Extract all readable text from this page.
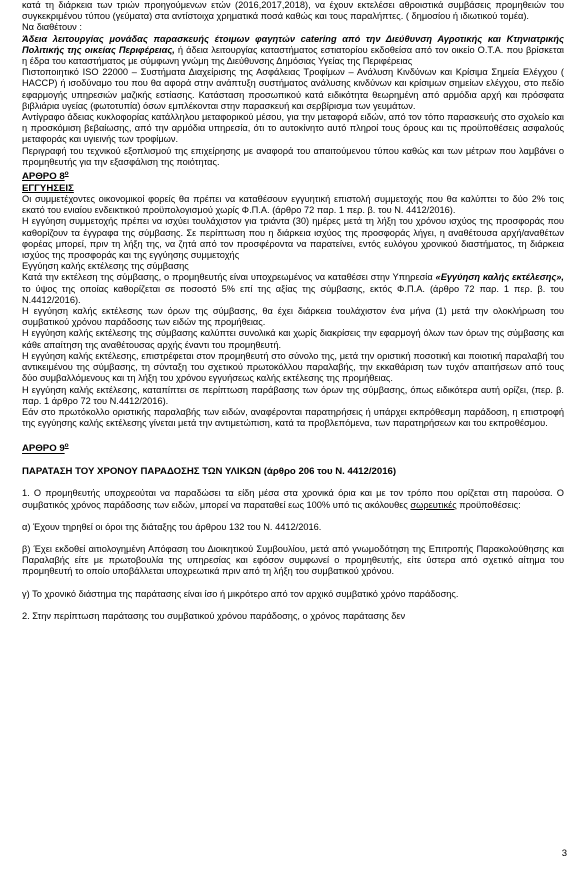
κατά τη διάρκεια των τριών προηγούμενων ετών (2016,2017,2018), να έχουν εκτελέσει αθροιστικά συμβάσεις προμηθειών του συγκεκριμένου τύπου (γεύματα) στα αντίστοιχα χρηματικά ποσά καθώς και τους παραλήπτες. ( δημοσίου ή ιδιωτικού τομέα).

Να διαθέτουν :

Άδεια λειτουργίας μονάδας παρασκευής έτοιμων φαγητών catering από την Διεύθυνση Αγροτικής και Κτηνιατρικής Πολιτικής της οικείας Περιφέρειας, ή άδεια λειτουργίας καταστήματος εστιατορίου εκδοθείσα από τον οικείο Ο.Τ.Α. που βρίσκεται η έδρα του καταστήματος με σύμφωνη γνώμη της Διεύθυνσης Δημόσιας Υγείας της Περιφέρειας

Πιστοποιητικό ISO 22000 – Συστήματα Διαχείρισης της Ασφάλειας Τροφίμων – Ανάλυση Κινδύνων και Κρίσιμα Σημεία Ελέγχου ( HACCP) ή ισοδύναμο του που θα αφορά στην ανάπτυξη συστήματος ανάλυσης κινδύνων και κρίσιμων σημείων ελέγχου, στο πεδίο εφαρμογής υπηρεσιών μαζικής εστίασης. Κατάσταση προσωπικού κατά ειδικότητα θεωρημένη από αρμόδια αρχή και πρόσφατα βιβλιάρια υγείας (φωτοτυπία) όσων εμπλέκονται στην παρασκευή και σερβίρισμα των γευμάτων.

Αντίγραφο άδειας κυκλοφορίας κατάλληλου μεταφορικού μέσου, για την μεταφορά ειδών, από τον τόπο παρασκευής στο σχολείο και η προσκόμιση βεβαίωσης, από την αρμόδια υπηρεσία, ότι το αυτοκίνητο αυτό πληροί τους όρους και τις προϋποθέσεις ασφαλούς μεταφοράς και υγιεινής των τροφίμων.

Περιγραφή του τεχνικού εξοπλισμού της επιχείρησης με αναφορά του απαιτούμενου τύπου καθώς και των μέτρων που λαμβάνει ο προμηθευτής για την εξασφάλιση της ποιότητας.

ΑΡΘΡΟ $8^o$

ΕΓΓΥΗΣΕΙΣ

Οι συμμετέχοντες οικονομικοί φορείς θα πρέπει να καταθέσουν εγγυητική επιστολή συμμετοχής που θα καλύπτει το δύο 2% τοις εκατό του ενιαίου ενδεικτικού προϋπολογισμού χωρίς Φ.Π.Α. (άρθρο 72 παρ. 1 περ. β. του Ν. 4412/2016).

Η εγγύηση συμμετοχής πρέπει να ισχύει τουλάχιστον για τριάντα (30) ημέρες μετά τη λήξη του χρόνου ισχύος της προσφοράς που καθορίζουν τα έγγραφα της σύμβασης. Σε περίπτωση που η διάρκεια ισχύος της προσφοράς λήγει, η αναθέτουσα αρχή/αναθέτων φορέας μπορεί, πριν τη λήξη της, να ζητά από τον προσφέροντα να παρατείνει, εντός ευλόγου χρονικού διαστήματος, τη διάρκεια ισχύος της προσφοράς και της εγγύησης συμμετοχής

Εγγύηση καλής εκτέλεσης της σύμβασης

Κατά την εκτέλεση της σύμβασης, ο προμηθευτής είναι υποχρεωμένος να καταθέσει στην Υπηρεσία «Εγγύηση καλής εκτέλεσης», το ύψος της οποίας καθορίζεται σε ποσοστό 5% επί της αξίας της σύμβασης, εκτός Φ.Π.Α. (άρθρο 72 παρ. 1 περ. β. του Ν.4412/2016).

Η εγγύηση καλής εκτέλεσης των όρων της σύμβασης, θα έχει διάρκεια τουλάχιστον ένα μήνα (1) μετά την ολοκλήρωση του συμβατικού χρόνου παράδοσης των ειδών της προμήθειας.

Η εγγύηση καλής εκτέλεσης της σύμβασης καλύπτει συνολικά και χωρίς διακρίσεις την εφαρμογή όλων των όρων της σύμβασης και κάθε απαίτηση της αναθέτουσας αρχής έναντι του προμηθευτή.

Η εγγύηση καλής εκτέλεσης, επιστρέφεται στον προμηθευτή στο σύνολο της, μετά την οριστική ποσοτική και ποιοτική παραλαβή του αντικειμένου της σύμβασης, τη σύνταξη του σχετικού πρωτοκόλλου παραλαβής, την εκκαθάριση των τυχόν απαιτήσεων από τους δύο συμβαλλόμενους και τη λήξη του χρόνου εγγυήσεως καλής εκτέλεσης της προμήθειας.

Η εγγύηση καλής εκτέλεσης, καταπίπτει σε περίπτωση παράβασης των όρων της σύμβασης, όπως ειδικότερα αυτή ορίζει, (περ. β. παρ. 1 άρθρο 72 του Ν.4412/2016).

Εάν στο πρωτόκολλο οριστικής παραλαβής των ειδών, αναφέρονται παρατηρήσεις ή υπάρχει εκπρόθεσμη παράδοση, η επιστροφή της εγγύησης καλής εκτέλεσης γίνεται μετά την αντιμετώπιση, κατά τα προβλεπόμενα, των παρατηρήσεων και του εκπροθέσμου.

ΑΡΘΡΟ $9^o$

ΠΑΡΑΤΑΣΗ ΤΟΥ ΧΡΟΝΟΥ ΠΑΡΑΔΟΣΗΣ ΤΩΝ ΥΛΙΚΩΝ (άρθρο 206 του Ν. 4412/2016)

1. Ο προμηθευτής υποχρεούται να παραδώσει τα είδη μέσα στα χρονικά όρια και με τον τρόπο που ορίζεται στη παρούσα. Ο συμβατικός χρόνος παράδοσης των ειδών, μπορεί να παραταθεί εως 100% υπό τις ακόλουθες σωρευτικές προϋποθέσεις:

α) Έχουν τηρηθεί οι όροι της διάταξης του άρθρου 132 του Ν. 4412/2016.

β) Έχει εκδοθεί αιτιολογημένη Απόφαση του Διοικητικού Συμβουλίου, μετά από γνωμοδότηση της Επιτροπής Παρακολούθησης και Παραλαβής είτε με πρωτοβουλία της υπηρεσίας και εφόσον συμφωνεί ο προμηθευτής, είτε ύστερα από σχετικό αίτημα του προμηθευτή το οποίο υποβάλλεται υποχρεωτικά πριν από τη λήξη του συμβατικού χρόνου.

γ) Το χρονικό διάστημα της παράτασης είναι ίσο ή μικρότερο από τον αρχικό συμβατικό χρόνο παράδοσης.

2. Στην περίπτωση παράτασης του συμβατικού χρόνου παράδοσης, ο χρόνος παράτασης δεν

3
